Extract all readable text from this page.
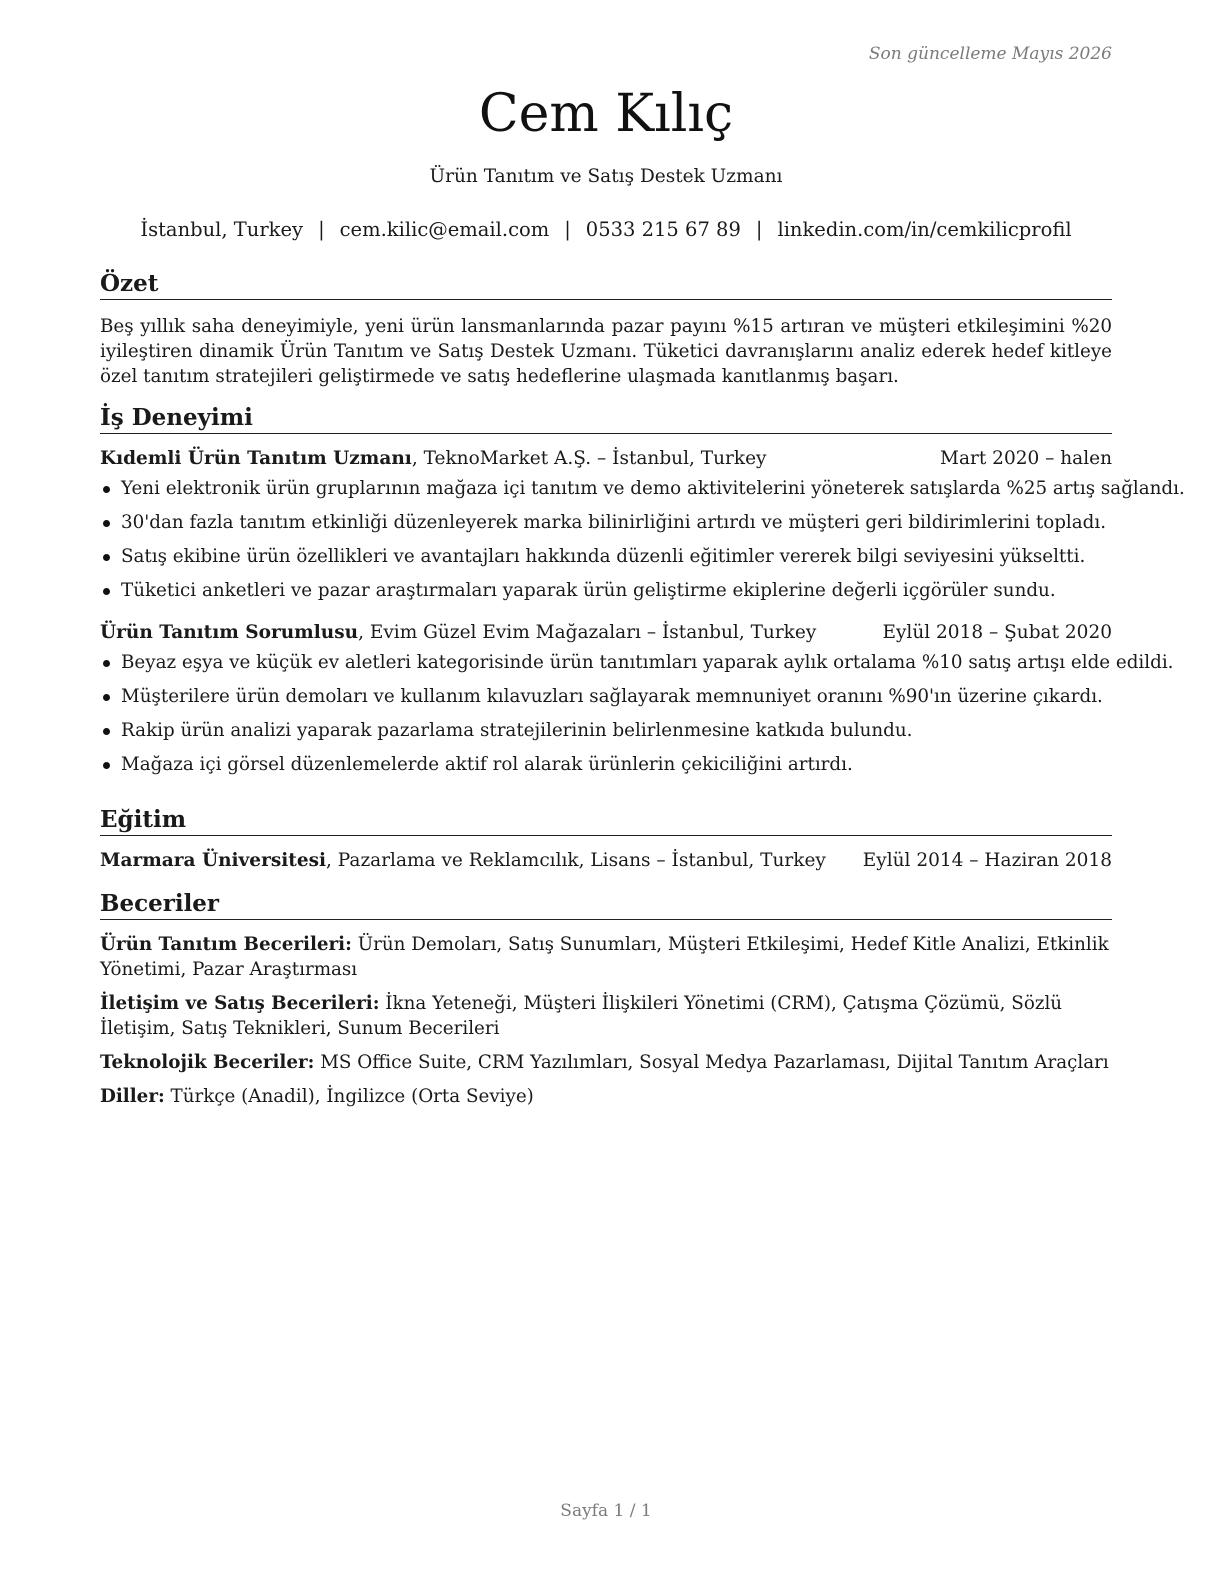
Son güncelleme Mayıs 2026
Cem Kılıç
Ürün Tanıtım ve Satış Destek Uzmanı
İstanbul, Turkey | cem.kilic@email.com | 0533 215 67 89 | linkedin.com/in/cemkilicprofil
Özet
Beş yıllık saha deneyimiyle, yeni ürün lansmanlarında pazar payını %15 artıran ve müşteri etkileşimini %20 iyileştiren dinamik Ürün Tanıtım ve Satış Destek Uzmanı. Tüketici davranışlarını analiz ederek hedef kitleye özel tanıtım stratejileri geliştirmede ve satış hedeflerine ulaşmada kanıtlanmış başarı.
İş Deneyimi
Kıdemli Ürün Tanıtım Uzmanı, TeknoMarket A.Ş. – İstanbul, Turkey	Mart 2020 – halen
Yeni elektronik ürün gruplarının mağaza içi tanıtım ve demo aktivitelerini yöneterek satışlarda %25 artış sağlandı.
30'dan fazla tanıtım etkinliği düzenleyerek marka bilinirliğini artırdı ve müşteri geri bildirimlerini topladı.
Satış ekibine ürün özellikleri ve avantajları hakkında düzenli eğitimler vererek bilgi seviyesini yükseltti.
Tüketici anketleri ve pazar araştırmaları yaparak ürün geliştirme ekiplerine değerli içgörüler sundu.
Ürün Tanıtım Sorumlusu, Evim Güzel Evim Mağazaları – İstanbul, Turkey	Eylül 2018 – Şubat 2020
Beyaz eşya ve küçük ev aletleri kategorisinde ürün tanıtımları yaparak aylık ortalama %10 satış artışı elde edildi.
Müşterilere ürün demoları ve kullanım kılavuzları sağlayarak memnuniyet oranını %90'ın üzerine çıkardı.
Rakip ürün analizi yaparak pazarlama stratejilerinin belirlenmesine katkıda bulundu.
Mağaza içi görsel düzenlemelerde aktif rol alarak ürünlerin çekiciliğini artırdı.
Eğitim
Marmara Üniversitesi, Pazarlama ve Reklamcılık, Lisans – İstanbul, Turkey Eylül 2014 – Haziran 2018
Beceriler
Ürün Tanıtım Becerileri: Ürün Demoları, Satış Sunumları, Müşteri Etkileşimi, Hedef Kitle Analizi, Etkinlik Yönetimi, Pazar Araştırması
İletişim ve Satış Becerileri: İkna Yeteneği, Müşteri İlişkileri Yönetimi (CRM), Çatışma Çözümü, Sözlü İletişim, Satış Teknikleri, Sunum Becerileri
Teknolojik Beceriler: MS Office Suite, CRM Yazılımları, Sosyal Medya Pazarlaması, Dijital Tanıtım Araçları
Diller: Türkçe (Anadil), İngilizce (Orta Seviye)
Sayfa 1 / 1
